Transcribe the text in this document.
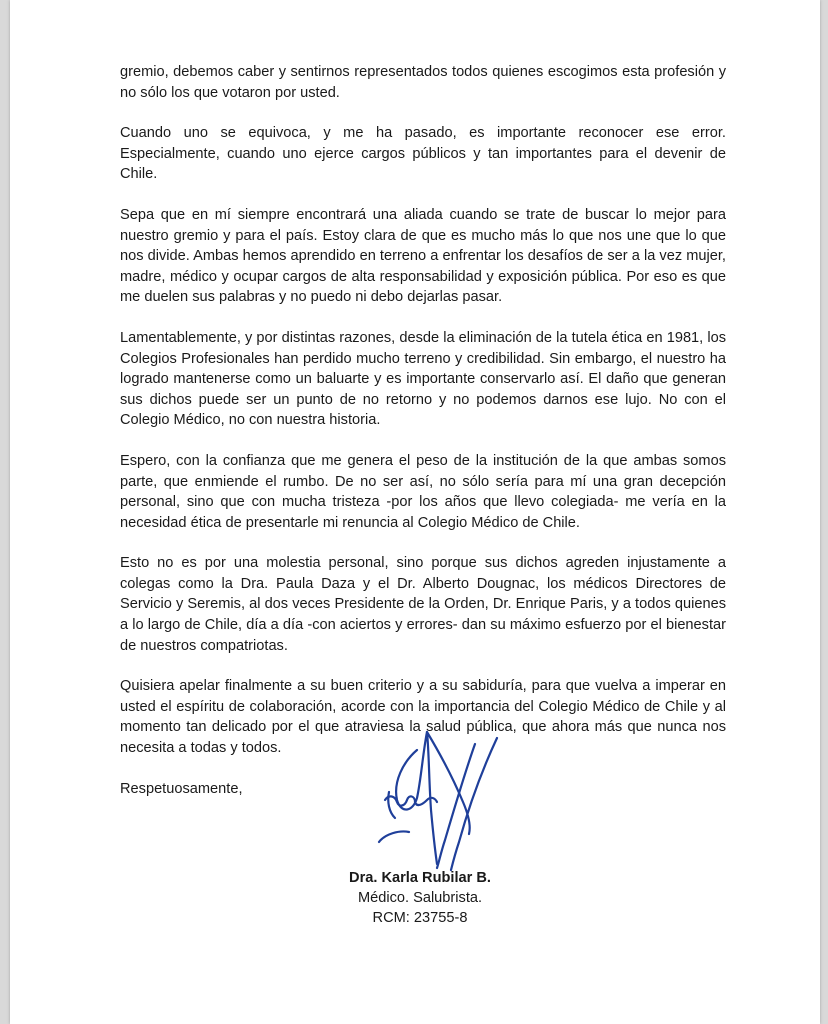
gremio, debemos caber y sentirnos representados todos quienes escogimos esta profesión y no sólo los que votaron por usted.

Cuando uno se equivoca, y me ha pasado, es importante reconocer ese error. Especialmente, cuando uno ejerce cargos públicos y tan importantes para el devenir de Chile.

Sepa que en mí siempre encontrará una aliada cuando se trate de buscar lo mejor para nuestro gremio y para el país. Estoy clara de que es mucho más lo que nos une que lo que nos divide. Ambas hemos aprendido en terreno a enfrentar los desafíos de ser a la vez mujer, madre, médico y ocupar cargos de alta responsabilidad y exposición pública. Por eso es que me duelen sus palabras y no puedo ni debo dejarlas pasar.

Lamentablemente, y por distintas razones, desde la eliminación de la tutela ética en 1981, los Colegios Profesionales han perdido mucho terreno y credibilidad. Sin embargo, el nuestro ha logrado mantenerse como un baluarte y es importante conservarlo así. El daño que generan sus dichos puede ser un punto de no retorno y no podemos darnos ese lujo. No con el Colegio Médico, no con nuestra historia.

Espero, con la confianza que me genera el peso de la institución de la que ambas somos parte, que enmiende el rumbo. De no ser así, no sólo sería para mí una gran decepción personal, sino que con mucha tristeza -por los años que llevo colegiada- me vería en la necesidad ética de presentarle mi renuncia al Colegio Médico de Chile.

Esto no es por una molestia personal, sino porque sus dichos agreden injustamente a colegas como la Dra. Paula Daza y el Dr. Alberto Dougnac, los médicos Directores de Servicio y Seremis, al dos veces Presidente de la Orden, Dr. Enrique Paris, y a todos quienes a lo largo de Chile, día a día -con aciertos y errores- dan su máximo esfuerzo por el bienestar de nuestros compatriotas.

Quisiera apelar finalmente a su buen criterio y a su sabiduría, para que vuelva a imperar en usted el espíritu de colaboración, acorde con la importancia del Colegio Médico de Chile y al momento tan delicado por el que atraviesa la salud pública, que ahora más que nunca nos necesita a todas y todos.

Respetuosamente,

Dra. Karla Rubilar B.
Médico. Salubrista.
RCM: 23755-8
